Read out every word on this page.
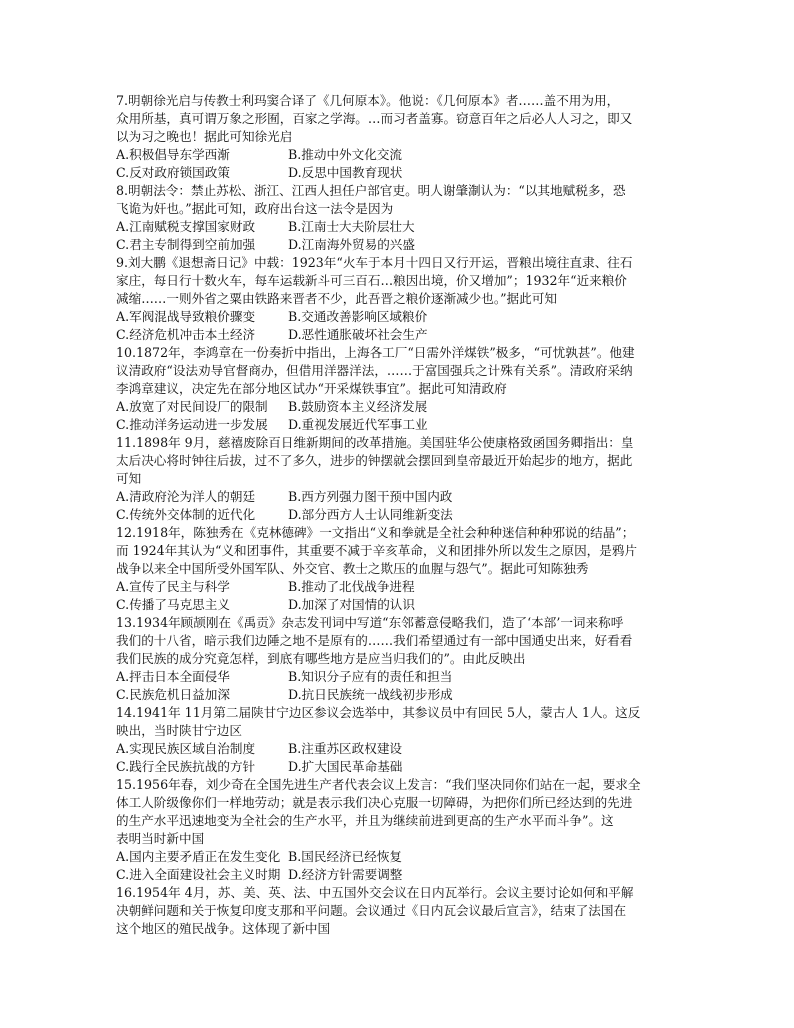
7.明朝徐光启与传教士利玛窦合译了《几何原本》。他说：《几何原本》者……盖不用为用，
众用所基，真可谓万象之形囿，百家之学海。…而习者盖寡。窃意百年之后必人人习之，即又
以为习之晚也！据此可知徐光启
A.积极倡导东学西渐	B.推动中外文化交流
C.反对政府锁国政策	D.反思中国教育现状
8.明朝法令：禁止苏松、浙江、江西人担任户部官吏。明人谢肇淛认为：“以其地赋税多，恐
飞诡为奸也。”据此可知，政府出台这一法令是因为
A.江南赋税支撑国家财政	B.江南士大夫阶层壮大
C.君主专制得到空前加强	D.江南海外贸易的兴盛
9.刘大鹏《退想斋日记》中载：1923年“火车于本月十四日又行开运，晋粮出境往直隶、往石
家庄，每日行十数火车，每车运载新斗可三百石…粮因出境，价又增加”；1932年“近来粮价
减缩……一则外省之粟由铁路来晋者不少，此吾晋之粮价逐渐减少也。”据此可知
A.军阀混战导致粮价骤变	B.交通改善影响区域粮价
C.经济危机冲击本土经济	D.恶性通胀破坏社会生产
10.1872年，李鸿章在一份奏折中指出，上海各工厂“日需外洋煤铁”极多，“可忧孰甚”。他建
议清政府“设法劝导官督商办，但借用洋器洋法，……于富国强兵之计殊有关系”。清政府采纳
李鸿章建议，决定先在部分地区试办“开采煤铁事宜”。据此可知清政府
A.放宽了对民间设厂的限制 B.鼓励资本主义经济发展
C.推动洋务运动进一步发展 D.重视发展近代军事工业
11.1898年 9月，慈禧废除百日维新期间的改革措施。美国驻华公使康格致函国务卿指出：皇
太后决心将时钟往后拔，过不了多久，进步的钟摆就会摆回到皇帝最近开始起步的地方，据此
可知
A.清政府沦为洋人的朝廷	B.西方列强力图干预中国内政
C.传统外交体制的近代化	D.部分西方人士认同维新变法
12.1918年，陈独秀在《克林德碑》一文指出“义和拳就是全社会种种迷信种种邪说的结晶”；
而 1924年其认为“义和团事件，其重要不减于辛亥革命，义和团排外所以发生之原因，是鸦片
战争以来全中国所受外国军队、外交官、教士之欺压的血腥与怨气”。据此可知陈独秀
A.宣传了民主与科学	B.推动了北伐战争进程
C.传播了马克思主义	D.加深了对国情的认识
13.1934年顾颉刚在《禹贡》杂志发刊词中写道“东邻蓄意侵略我们，造了‘本部’一词来称呼
我们的十八省，暗示我们边陲之地不是原有的……我们希望通过有一部中国通史出来，好看看
我们民族的成分究竟怎样，到底有哪些地方是应当归我们的”。由此反映出
A.抨击日本全面侵华	B.知识分子应有的责任和担当
C.民族危机日益加深	D.抗日民族统一战线初步形成
14.1941年 11月第二届陕甘宁边区参议会选举中，其参议员中有回民 5人，蒙古人 1人。这反
映出，当时陕甘宁边区
A.实现民族区域自治制度	B.注重苏区政权建设
C.践行全民族抗战的方针	D.扩大国民革命基础
15.1956年春，刘少奇在全国先进生产者代表会议上发言：“我们坚决同你们站在一起，要求全
体工人阶级像你们一样地劳动；就是表示我们决心克服一切障碍，为把你们所已经达到的先进
的生产水平迅速地变为全社会的生产水平，并且为继续前进到更高的生产水平而斗争”。这
表明当时新中国
A.国内主要矛盾正在发生变化 B.国民经济已经恢复
C.进入全面建设社会主义时期 D.经济方针需要调整
16.1954年 4月，苏、美、英、法、中五国外交会议在日内瓦举行。会议主要讨论如何和平解
决朝鲜问题和关于恢复印度支那和平问题。会议通过《日内瓦会议最后宣言》，结束了法国在
这个地区的殖民战争。这体现了新中国
